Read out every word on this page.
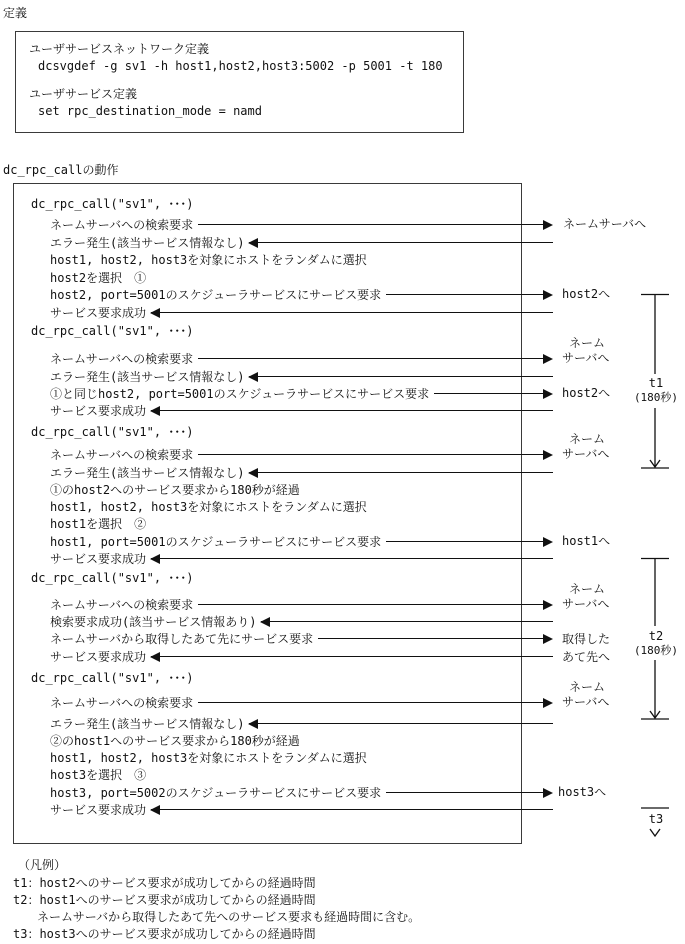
定義
dc_rpc_callの動作
ユーザサービスネットワーク定義
dcsvgdef -g sv1 -h host1,host2,host3:5002 -p 5001 -t 180
ユーザサービス定義
set rpc_destination_mode = namd
dc_rpc_call("sv1", ･･･)
ネームサーバへの検索要求
エラー発生(該当サービス情報なし)
host1, host2, host3を対象にホストをランダムに選択
host2を選択　①
host2, port=5001のスケジューラサービスにサービス要求
サービス要求成功
dc_rpc_call("sv1", ･･･)
ネームサーバへの検索要求
エラー発生(該当サービス情報なし)
①と同じhost2, port=5001のスケジューラサービスにサービス要求
サービス要求成功
dc_rpc_call("sv1", ･･･)
ネームサーバへの検索要求
エラー発生(該当サービス情報なし)
①のhost2へのサービス要求から180秒が経過
host1, host2, host3を対象にホストをランダムに選択
host1を選択　②
host1, port=5001のスケジューラサービスにサービス要求
サービス要求成功
dc_rpc_call("sv1", ･･･)
ネームサーバへの検索要求
検索要求成功(該当サービス情報あり)
ネームサーバから取得したあて先にサービス要求
サービス要求成功
dc_rpc_call("sv1", ･･･)
ネームサーバへの検索要求
エラー発生(該当サービス情報なし)
②のhost1へのサービス要求から180秒が経過
host1, host2, host3を対象にホストをランダムに選択
host3を選択　③
host3, port=5002のスケジューラサービスにサービス要求
サービス要求成功
ネームサーバへ
host2へ
ネーム
サーバへ
host2へ
ネーム
サーバへ
host1へ
ネーム
サーバへ
取得した
あて先へ
ネーム
サーバへ
host3へ
t1
(180秒)
t2
(180秒)
t3
（凡例）
t1：host2へのサービス要求が成功してからの経過時間
t2：host1へのサービス要求が成功してからの経過時間
ネームサーバから取得したあて先へのサービス要求も経過時間に含む。
t3：host3へのサービス要求が成功してからの経過時間
